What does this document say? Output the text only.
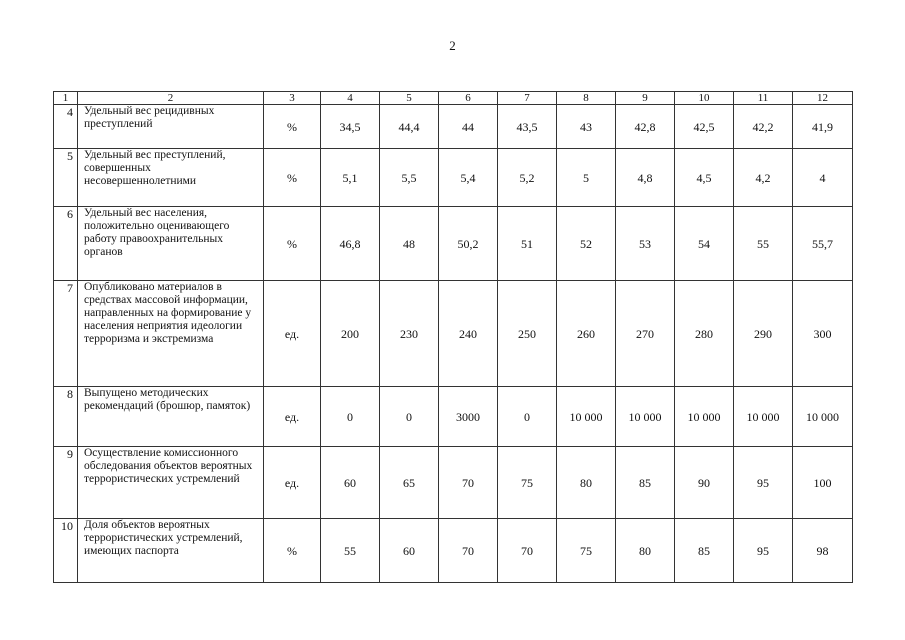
2
1	2	3	4	5	6	7	8	9	10	11	12
4	Удельный вес рецидивных преступлений	%	34,5	44,4	44	43,5	43	42,8	42,5	42,2	41,9
5	Удельный вес преступлений, совершенных несовершеннолетними	%	5,1	5,5	5,4	5,2	5	4,8	4,5	4,2	4
6	Удельный вес населения, положительно оценивающего работу правоохранительных органов	%	46,8	48	50,2	51	52	53	54	55	55,7
7	Опубликовано материалов в средствах массовой информации, направленных на формирование у населения неприятия идеологии терроризма и экстремизма	ед.	200	230	240	250	260	270	280	290	300
8	Выпущено методических рекомендаций (брошюр, памяток)	ед.	0	0	3000	0	10 000	10 000	10 000	10 000	10 000
9	Осуществление комиссионного обследования объектов вероятных террористических устремлений	ед.	60	65	70	75	80	85	90	95	100
10	Доля объектов вероятных террористических устремлений, имеющих паспорта	%	55	60	70	70	75	80	85	95	98
